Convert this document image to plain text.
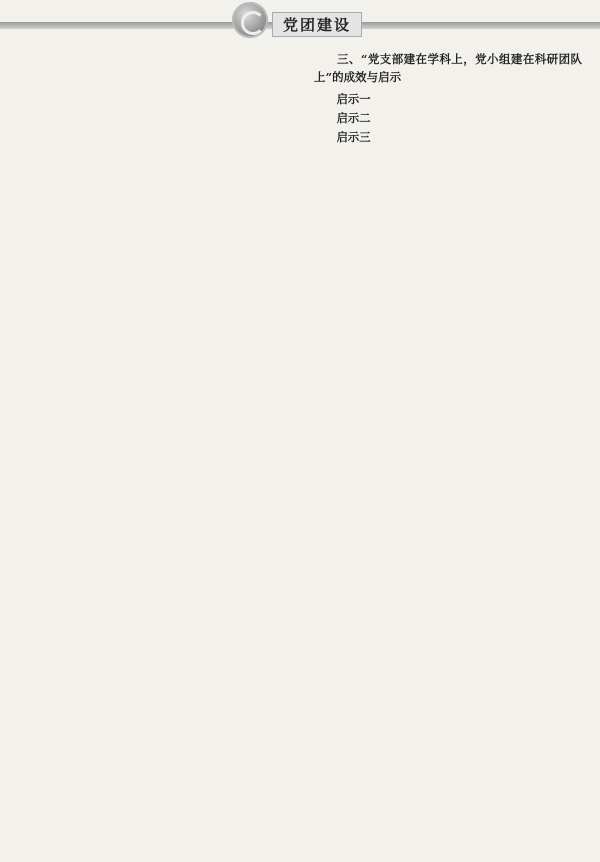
党团建设

三、“党支部建在学科上，党小组建在科研团队上”的成效与启示

启示一

启示二

启示三
